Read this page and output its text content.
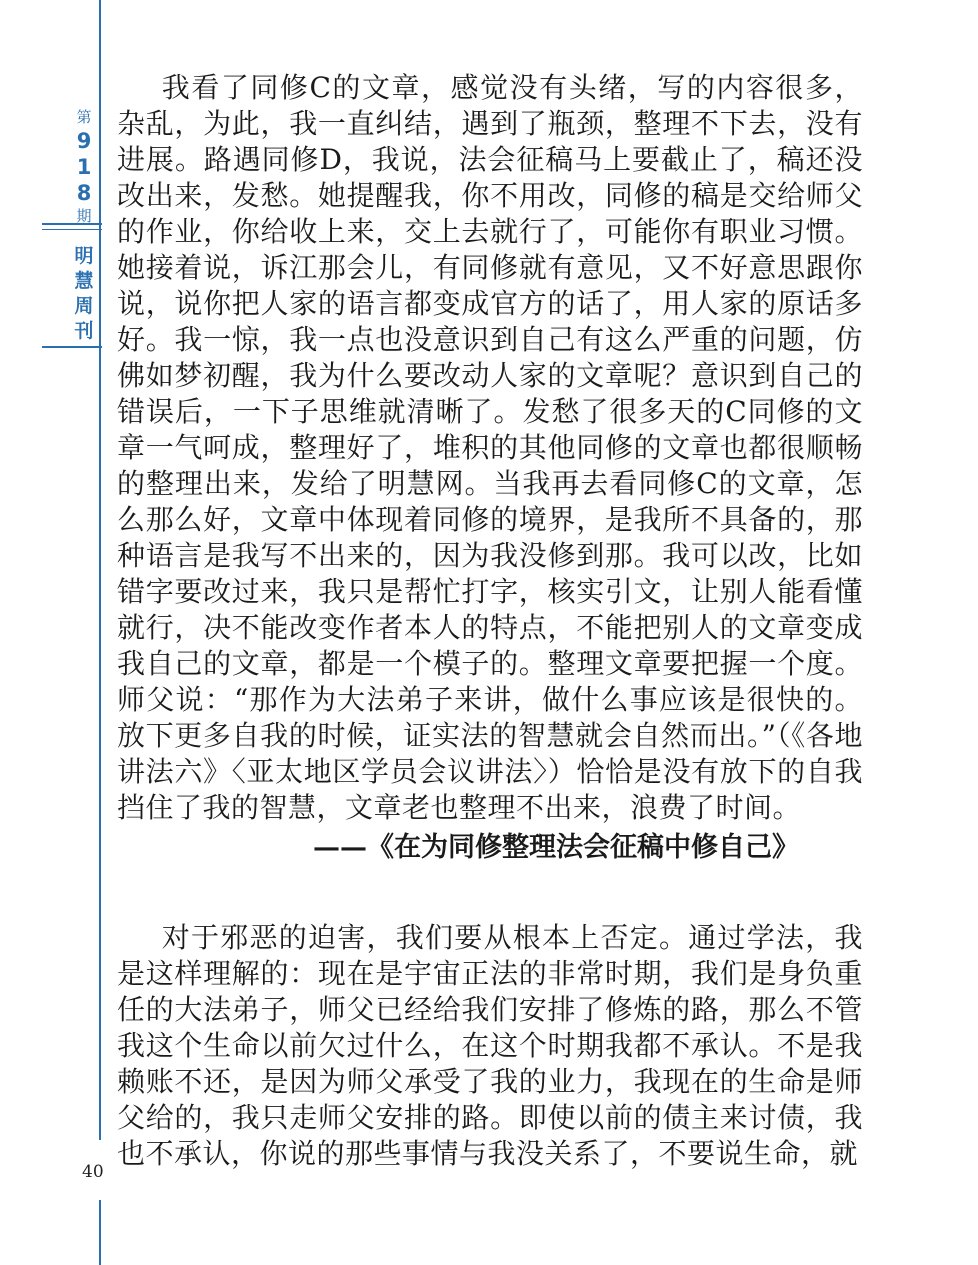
第
9
1
8
期
明
慧
周
刊
40

我看了同修C的文章，感觉没有头绪，写的内容很多，杂乱，为此，我一直纠结，遇到了瓶颈，整理不下去，没有进展。路遇同修D，我说，法会征稿马上要截止了，稿还没改出来，发愁。她提醒我，你不用改，同修的稿是交给师父的作业，你给收上来，交上去就行了，可能你有职业习惯。她接着说，诉江那会儿，有同修就有意见，又不好意思跟你说，说你把人家的语言都变成官方的话了，用人家的原话多好。我一惊，我一点也没意识到自己有这么严重的问题，仿佛如梦初醒，我为什么要改动人家的文章呢？意识到自己的错误后，一下子思维就清晰了。发愁了很多天的C同修的文章一气呵成，整理好了，堆积的其他同修的文章也都很顺畅的整理出来，发给了明慧网。当我再去看同修C的文章，怎么那么好，文章中体现着同修的境界，是我所不具备的，那种语言是我写不出来的，因为我没修到那。我可以改，比如错字要改过来，我只是帮忙打字，核实引文，让别人能看懂就行，决不能改变作者本人的特点，不能把别人的文章变成我自己的文章，都是一个模子的。整理文章要把握一个度。师父说：“那作为大法弟子来讲，做什么事应该是很快的。放下更多自我的时候，证实法的智慧就会自然而出。”（《各地讲法六》〈亚太地区学员会议讲法〉）恰恰是没有放下的自我挡住了我的智慧，文章老也整理不出来，浪费了时间。

——《在为同修整理法会征稿中修自己》

对于邪恶的迫害，我们要从根本上否定。通过学法，我是这样理解的：现在是宇宙正法的非常时期，我们是身负重任的大法弟子，师父已经给我们安排了修炼的路，那么不管我这个生命以前欠过什么，在这个时期我都不承认。不是我赖账不还，是因为师父承受了我的业力，我现在的生命是师父给的，我只走师父安排的路。即使以前的债主来讨债，我也不承认，你说的那些事情与我没关系了，不要说生命，就
